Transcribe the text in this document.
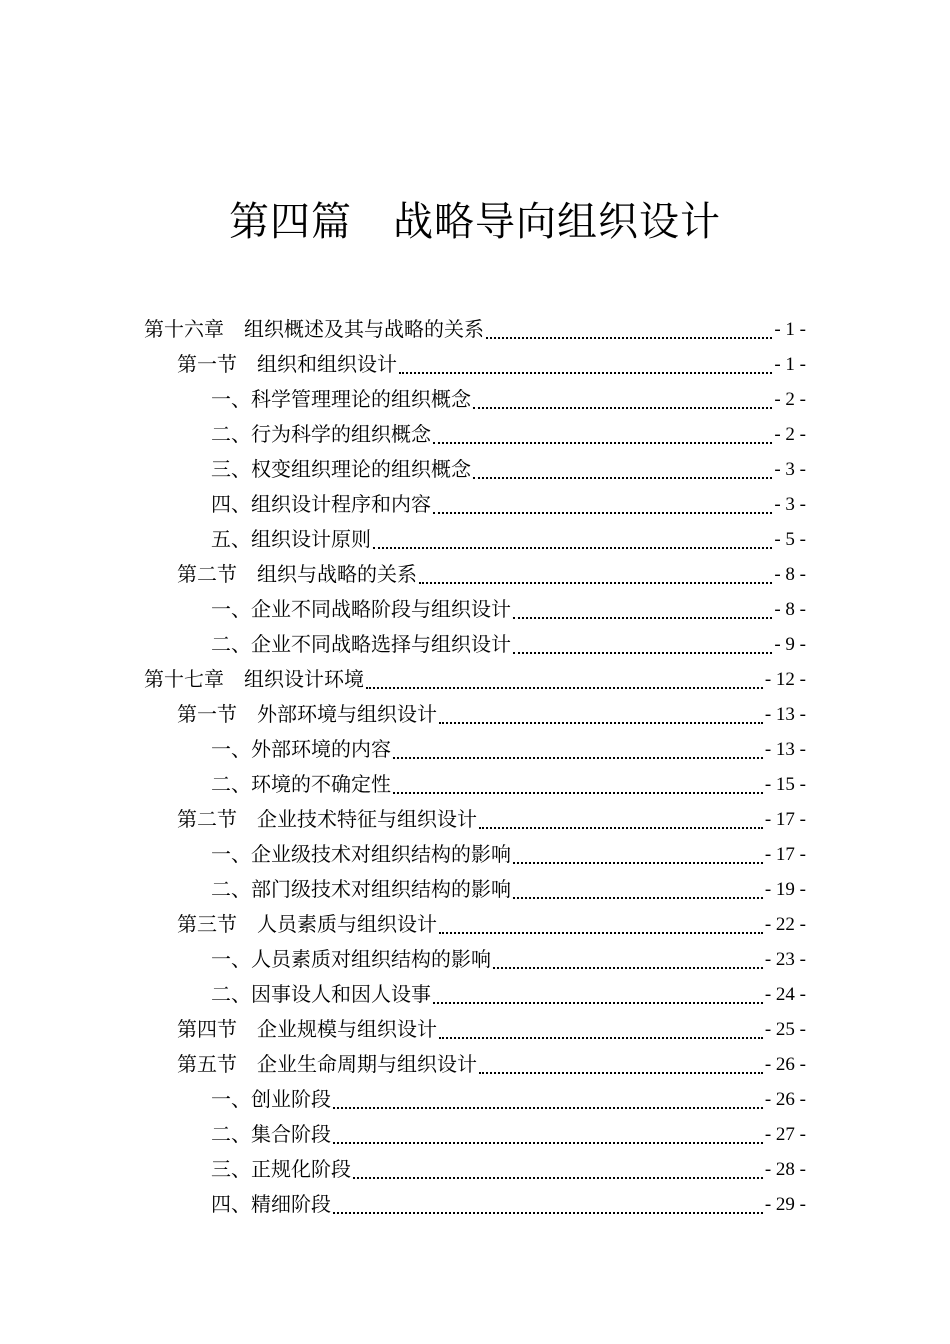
第四篇　战略导向组织设计
第十六章　组织概述及其与战略的关系	- 1 -
第一节　组织和组织设计	- 1 -
一、科学管理理论的组织概念	- 2 -
二、行为科学的组织概念	- 2 -
三、权变组织理论的组织概念	- 3 -
四、组织设计程序和内容	- 3 -
五、组织设计原则	- 5 -
第二节　组织与战略的关系	- 8 -
一、企业不同战略阶段与组织设计	- 8 -
二、企业不同战略选择与组织设计	- 9 -
第十七章　组织设计环境	- 12 -
第一节　外部环境与组织设计	- 13 -
一、外部环境的内容	- 13 -
二、环境的不确定性	- 15 -
第二节　企业技术特征与组织设计	- 17 -
一、企业级技术对组织结构的影响	- 17 -
二、部门级技术对组织结构的影响	- 19 -
第三节　人员素质与组织设计	- 22 -
一、人员素质对组织结构的影响	- 23 -
二、因事设人和因人设事	- 24 -
第四节　企业规模与组织设计	- 25 -
第五节　企业生命周期与组织设计	- 26 -
一、创业阶段	- 26 -
二、集合阶段	- 27 -
三、正规化阶段	- 28 -
四、精细阶段	- 29 -
